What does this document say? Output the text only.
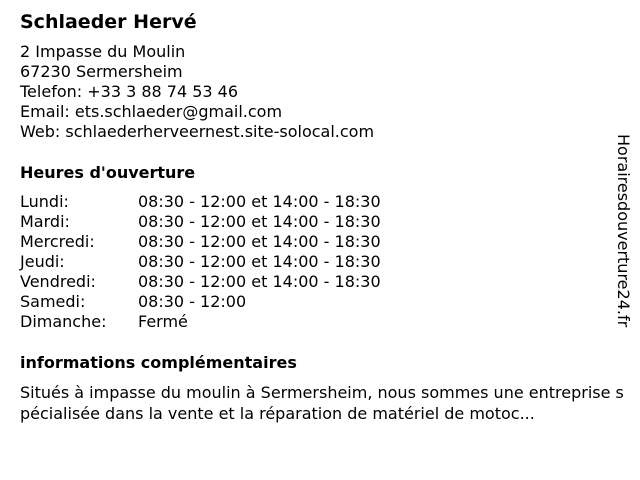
Schlaeder Hervé
2 Impasse du Moulin
67230 Sermersheim
Telefon: +33 3 88 74 53 46
Email: ets.schlaeder@gmail.com
Web: schlaederherveernest.site-solocal.com
Heures d'ouverture
Lundi:	08:30 - 12:00 et 14:00 - 18:30
Mardi:	08:30 - 12:00 et 14:00 - 18:30
Mercredi:	08:30 - 12:00 et 14:00 - 18:30
Jeudi:	08:30 - 12:00 et 14:00 - 18:30
Vendredi:	08:30 - 12:00 et 14:00 - 18:30
Samedi:	08:30 - 12:00
Dimanche:	Fermé
informations complémentaires
Situés à impasse du moulin à Sermersheim, nous sommes une entreprise spécialisée dans la vente et la réparation de matériel de motoc...
Horairesdouverture24.fr
